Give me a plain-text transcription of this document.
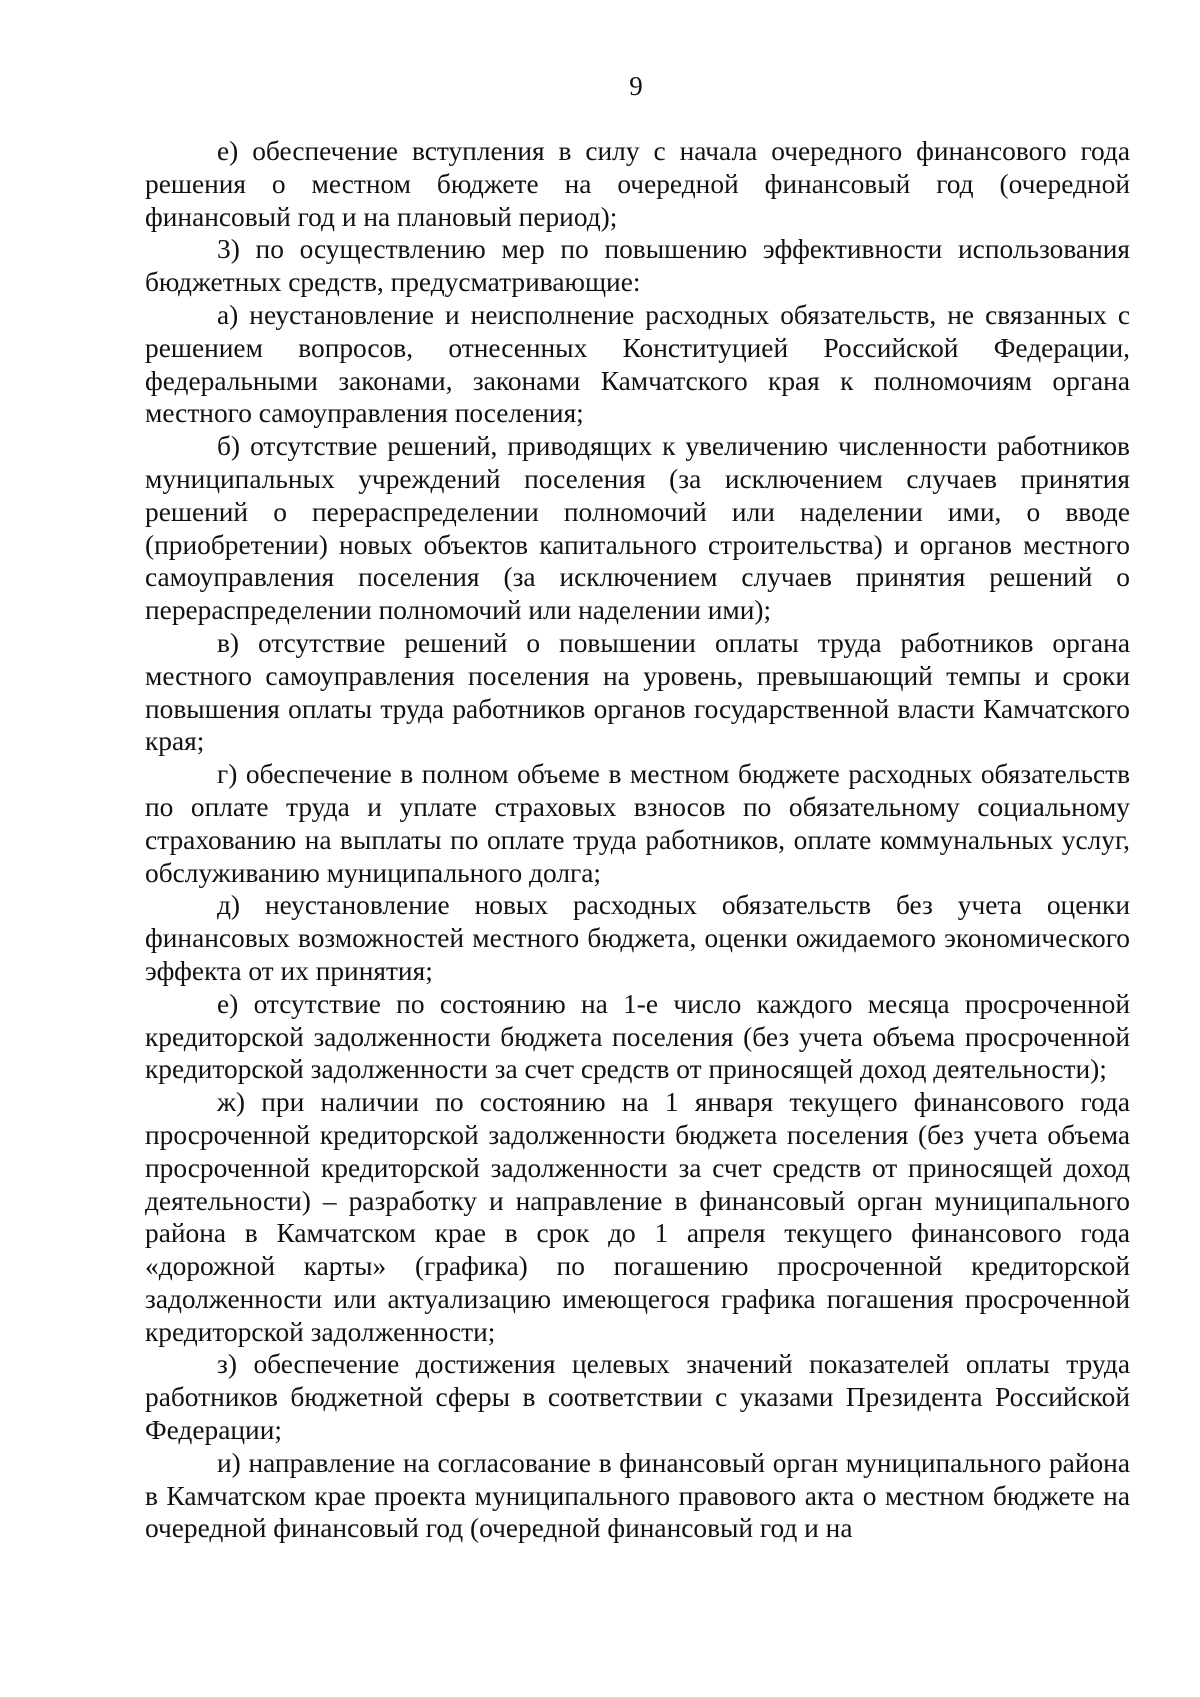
9

е) обеспечение вступления в силу с начала очередного финансового года решения о местном бюджете на очередной финансовый год (очередной финансовый год и на плановый период);

3) по осуществлению мер по повышению эффективности использования бюджетных средств, предусматривающие:

а) неустановление и неисполнение расходных обязательств, не связанных с решением вопросов, отнесенных Конституцией Российской Федерации, федеральными законами, законами Камчатского края к полномочиям органа местного самоуправления поселения;

б) отсутствие решений, приводящих к увеличению численности работников муниципальных учреждений поселения (за исключением случаев принятия решений о перераспределении полномочий или наделении ими, о вводе (приобретении) новых объектов капитального строительства) и органов местного самоуправления поселения (за исключением случаев принятия решений о перераспределении полномочий или наделении ими);

в) отсутствие решений о повышении оплаты труда работников органа местного самоуправления поселения на уровень, превышающий темпы и сроки повышения оплаты труда работников органов государственной власти Камчатского края;

г) обеспечение в полном объеме в местном бюджете расходных обязательств по оплате труда и уплате страховых взносов по обязательному социальному страхованию на выплаты по оплате труда работников, оплате коммунальных услуг, обслуживанию муниципального долга;

д) неустановление новых расходных обязательств без учета оценки финансовых возможностей местного бюджета, оценки ожидаемого экономического эффекта от их принятия;

е) отсутствие по состоянию на 1-е число каждого месяца просроченной кредиторской задолженности бюджета поселения (без учета объема просроченной кредиторской задолженности за счет средств от приносящей доход деятельности);

ж) при наличии по состоянию на 1 января текущего финансового года просроченной кредиторской задолженности бюджета поселения (без учета объема просроченной кредиторской задолженности за счет средств от приносящей доход деятельности) – разработку и направление в финансовый орган муниципального района в Камчатском крае в срок до 1 апреля текущего финансового года «дорожной карты» (графика) по погашению просроченной кредиторской задолженности или актуализацию имеющегося графика погашения просроченной кредиторской задолженности;

з) обеспечение достижения целевых значений показателей оплаты труда работников бюджетной сферы в соответствии с указами Президента Российской Федерации;

и) направление на согласование в финансовый орган муниципального района в Камчатском крае проекта муниципального правового акта о местном бюджете на очередной финансовый год (очередной финансовый год и на
